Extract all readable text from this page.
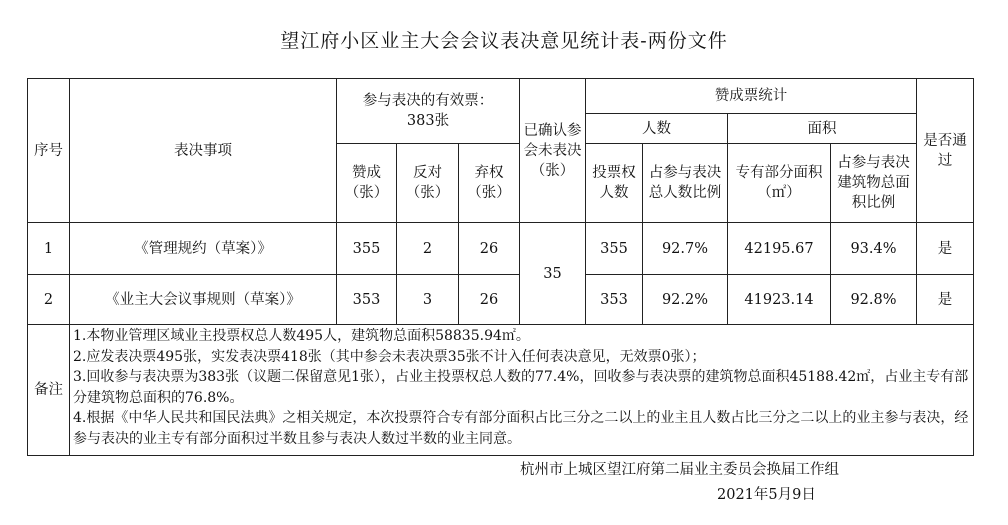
望江府小区业主大会会议表决意见统计表-两份文件
序号	表决事项	参与表决的有效票：
383张			已确认参会未表决（张）	赞成票统计				是否通过
						人数		面积		
		赞成（张）	反对（张）	弃权（张）		投票权人数	占参与表决总人数比例	专有部分面积（㎡）	占参与表决建筑物总面积比例	
1	《管理规约（草案）》	355	2	26	35	355	92.7%	42195.67	93.4%	是
2	《业主大会议事规则（草案）》	353	3	26		353	92.2%	41923.14	92.8%	是
备注	1.本物业管理区域业主投票权总人数495人，建筑物总面积58835.94㎡。
2.应发表决票495张，实发表决票418张（其中参会未表决票35张不计入任何表决意见，无效票0张）；
3.回收参与表决票为383张（议题二保留意见1张），占业主投票权总人数的77.4%，回收参与表决票的建筑物总面积45188.42㎡，占业主专有部分建筑物总面积的76.8%。
4.根据《中华人民共和国民法典》之相关规定，本次投票符合专有部分面积占比三分之二以上的业主且人数占比三分之二以上的业主参与表决，经参与表决的业主专有部分面积过半数且参与表决人数过半数的业主同意。									
杭州市上城区望江府第二届业主委员会换届工作组
2021年5月9日
